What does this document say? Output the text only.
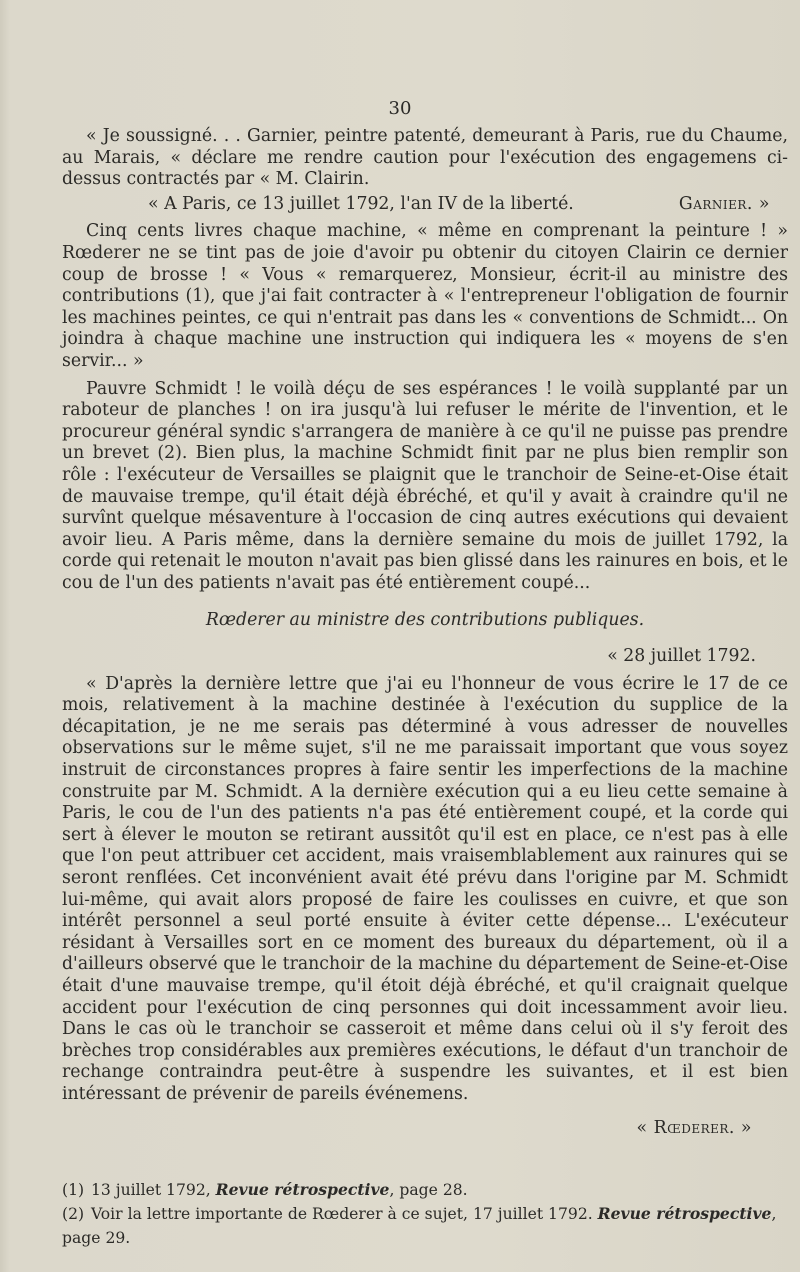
30

« Je soussigné. . . Garnier, peintre patenté, demeurant à Paris, rue du Chaume, au Marais, « déclare me rendre caution pour l'exécution des engagemens ci-dessus contractés par « M. Clairin.

« A Paris, ce 13 juillet 1792, l'an IV de la liberté.	Garnier. »

Cinq cents livres chaque machine, « même en comprenant la peinture ! » Rœderer ne se tint pas de joie d'avoir pu obtenir du citoyen Clairin ce dernier coup de brosse ! « Vous « remarquerez, Monsieur, écrit-il au ministre des contributions (1), que j'ai fait contracter à « l'entrepreneur l'obligation de fournir les machines peintes, ce qui n'entrait pas dans les « conventions de Schmidt... On joindra à chaque machine une instruction qui indiquera les « moyens de s'en servir... »

Pauvre Schmidt ! le voilà déçu de ses espérances ! le voilà supplanté par un raboteur de planches ! on ira jusqu'à lui refuser le mérite de l'invention, et le procureur général syndic s'arrangera de manière à ce qu'il ne puisse pas prendre un brevet (2). Bien plus, la machine Schmidt finit par ne plus bien remplir son rôle : l'exécuteur de Versailles se plaignit que le tranchoir de Seine-et-Oise était de mauvaise trempe, qu'il était déjà ébréché, et qu'il y avait à craindre qu'il ne survînt quelque mésaventure à l'occasion de cinq autres exécutions qui devaient avoir lieu. A Paris même, dans la dernière semaine du mois de juillet 1792, la corde qui retenait le mouton n'avait pas bien glissé dans les rainures en bois, et le cou de l'un des patients n'avait pas été entièrement coupé...

Rœderer au ministre des contributions publiques.

« 28 juillet 1792.

« D'après la dernière lettre que j'ai eu l'honneur de vous écrire le 17 de ce mois, relativement à la machine destinée à l'exécution du supplice de la décapitation, je ne me serais pas déterminé à vous adresser de nouvelles observations sur le même sujet, s'il ne me paraissait important que vous soyez instruit de circonstances propres à faire sentir les imperfections de la machine construite par M. Schmidt. A la dernière exécution qui a eu lieu cette semaine à Paris, le cou de l'un des patients n'a pas été entièrement coupé, et la corde qui sert à élever le mouton se retirant aussitôt qu'il est en place, ce n'est pas à elle que l'on peut attribuer cet accident, mais vraisemblablement aux rainures qui se seront renflées. Cet inconvénient avait été prévu dans l'origine par M. Schmidt lui-même, qui avait alors proposé de faire les coulisses en cuivre, et que son intérêt personnel a seul porté ensuite à éviter cette dépense... L'exécuteur résidant à Versailles sort en ce moment des bureaux du département, où il a d'ailleurs observé que le tranchoir de la machine du département de Seine-et-Oise était d'une mauvaise trempe, qu'il étoit déjà ébréché, et qu'il craignait quelque accident pour l'exécution de cinq personnes qui doit incessamment avoir lieu. Dans le cas où le tranchoir se casseroit et même dans celui où il s'y feroit des brèches trop considérables aux premières exécutions, le défaut d'un tranchoir de rechange contraindra peut-être à suspendre les suivantes, et il est bien intéressant de prévenir de pareils événemens.

« Rœderer. »

(1) 13 juillet 1792, Revue rétrospective, page 28.

(2) Voir la lettre importante de Rœderer à ce sujet, 17 juillet 1792. Revue rétrospective, page 29.
